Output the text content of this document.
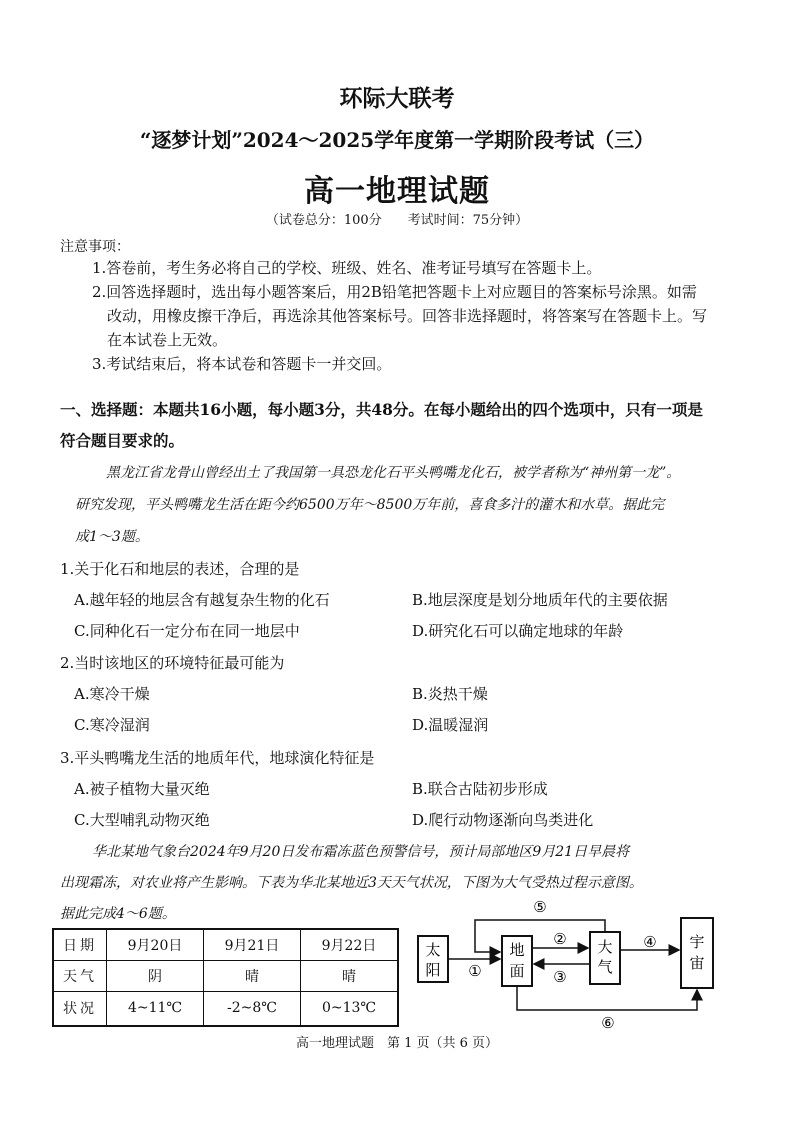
环际大联考
“逐梦计划”2024～2025学年度第一学期阶段考试（三）
高一地理试题
（试卷总分：100分　　考试时间：75分钟）
注意事项：
1.答卷前，考生务必将自己的学校、班级、姓名、准考证号填写在答题卡上。
2.回答选择题时，选出每小题答案后，用2B铅笔把答题卡上对应题目的答案标号涂黑。如需
改动，用橡皮擦干净后，再选涂其他答案标号。回答非选择题时，将答案写在答题卡上。写
在本试卷上无效。
3.考试结束后，将本试卷和答题卡一并交回。
一、选择题：本题共16小题，每小题3分，共48分。在每小题给出的四个选项中，只有一项是
符合题目要求的。
黑龙江省龙骨山曾经出土了我国第一具恐龙化石平头鸭嘴龙化石，被学者称为“神州第一龙”。
研究发现，平头鸭嘴龙生活在距今约6500万年～8500万年前，喜食多汁的灌木和水草。据此完
成1～3题。
1.关于化石和地层的表述，合理的是
A.越年轻的地层含有越复杂生物的化石	B.地层深度是划分地质年代的主要依据
C.同种化石一定分布在同一地层中	D.研究化石可以确定地球的年龄
2.当时该地区的环境特征最可能为
A.寒冷干燥	B.炎热干燥
C.寒冷湿润	D.温暖湿润
3.平头鸭嘴龙生活的地质年代，地球演化特征是
A.被子植物大量灭绝	B.联合古陆初步形成
C.大型哺乳动物灭绝	D.爬行动物逐渐向鸟类进化
华北某地气象台2024年9月20日发布霜冻蓝色预警信号，预计局部地区9月21日早晨将
出现霜冻，对农业将产生影响。下表为华北某地近3天天气状况，下图为大气受热过程示意图。
据此完成4～6题。
日期	9月20日	9月21日	9月22日
天气	阴	晴	晴
状况	4~11℃	-2~8℃	0~13℃
太
阳
地
面
大
气
宇
宙
①
②
③
④
⑤
⑥
高一地理试题　第 1 页（共 6 页）
